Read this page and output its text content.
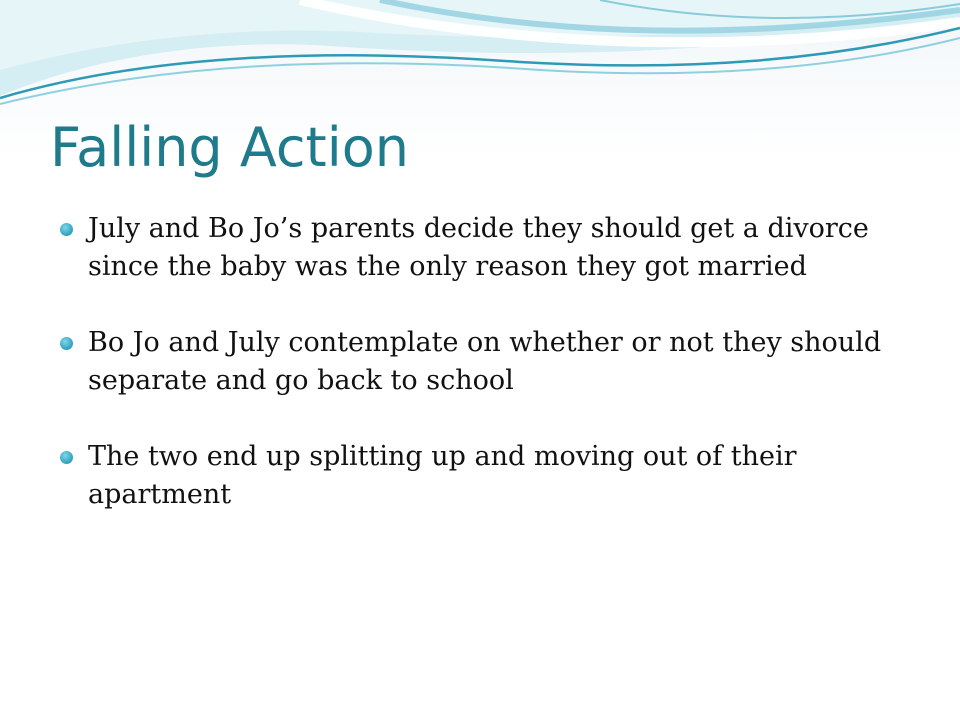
Falling Action
July and Bo Jo’s parents decide they should get a divorce since the baby was the only reason they got married
Bo Jo and July contemplate on whether or not they should separate and go back to school
The two end up splitting up and moving out of their apartment
